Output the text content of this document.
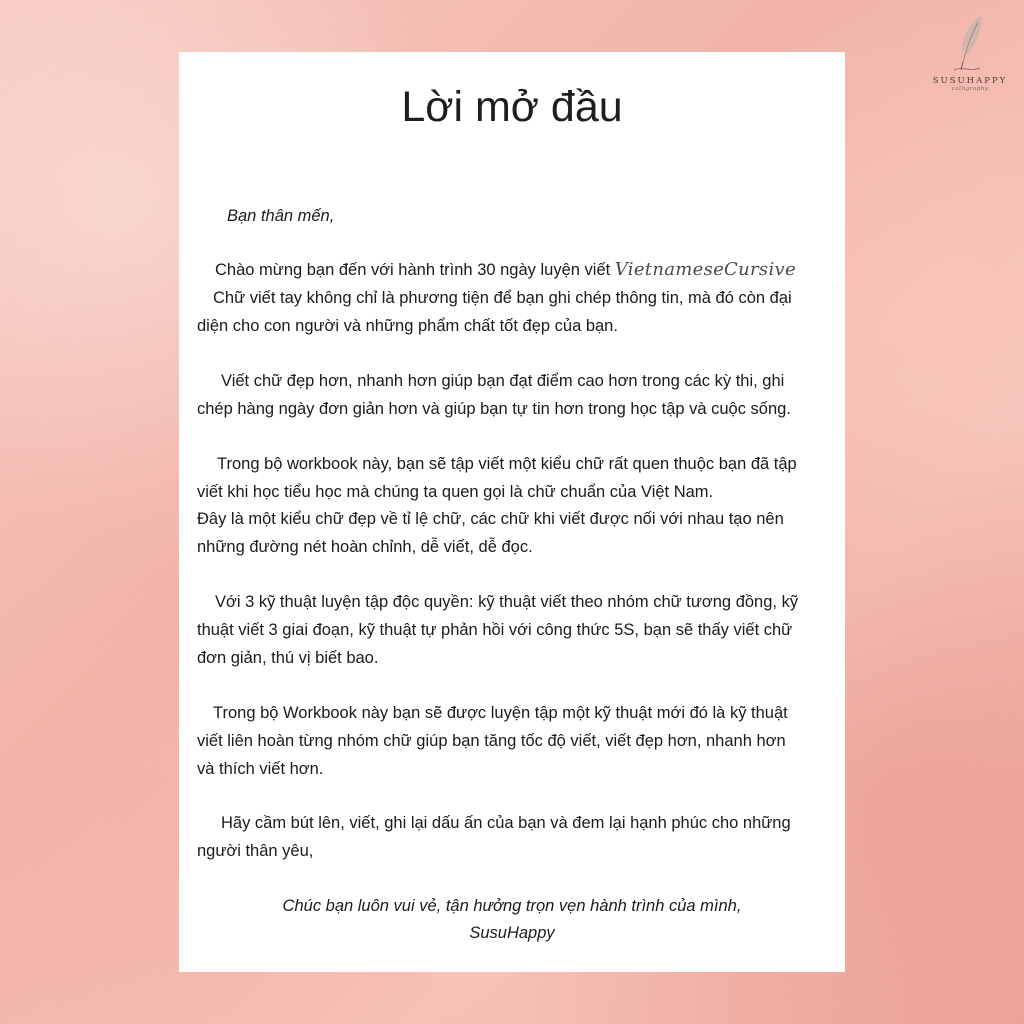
SUSUHAPPY
calligraphy
Lời mở đầu
Bạn thân mến,
Chào mừng bạn đến với hành trình 30 ngày luyện viết VietnameseCursive
Chữ viết tay không chỉ là phương tiện để bạn ghi chép thông tin, mà đó còn đại
diện cho con người và những phẩm chất tốt đẹp của bạn.
Viết chữ đẹp hơn, nhanh hơn giúp bạn đạt điểm cao hơn trong các kỳ thi, ghi
chép hàng ngày đơn giản hơn và giúp bạn tự tin hơn trong học tập và cuộc sống.
Trong bộ workbook này, bạn sẽ tập viết một kiểu chữ rất quen thuộc bạn đã tập
viết khi học tiểu học mà chúng ta quen gọi là chữ chuẩn của Việt Nam.
Đây là một kiểu chữ đẹp về tỉ lệ chữ, các chữ khi viết được nối với nhau tạo nên
những đường nét hoàn chỉnh, dễ viết, dễ đọc.
Với 3 kỹ thuật luyện tập độc quyền: kỹ thuật viết theo nhóm chữ tương đồng, kỹ
thuật viết 3 giai đoạn, kỹ thuật tự phản hồi với công thức 5S, bạn sẽ thấy viết chữ
đơn giản, thú vị biết bao.
Trong bộ Workbook này bạn sẽ được luyện tập một kỹ thuật mới đó là kỹ thuật
viết liên hoàn từng nhóm chữ giúp bạn tăng tốc độ viết, viết đẹp hơn, nhanh hơn
và thích viết hơn.
Hãy cầm bút lên, viết, ghi lại dấu ấn của bạn và đem lại hạnh phúc cho những
người thân yêu,
Chúc bạn luôn vui vẻ, tận hưởng trọn vẹn hành trình của mình,
SusuHappy
